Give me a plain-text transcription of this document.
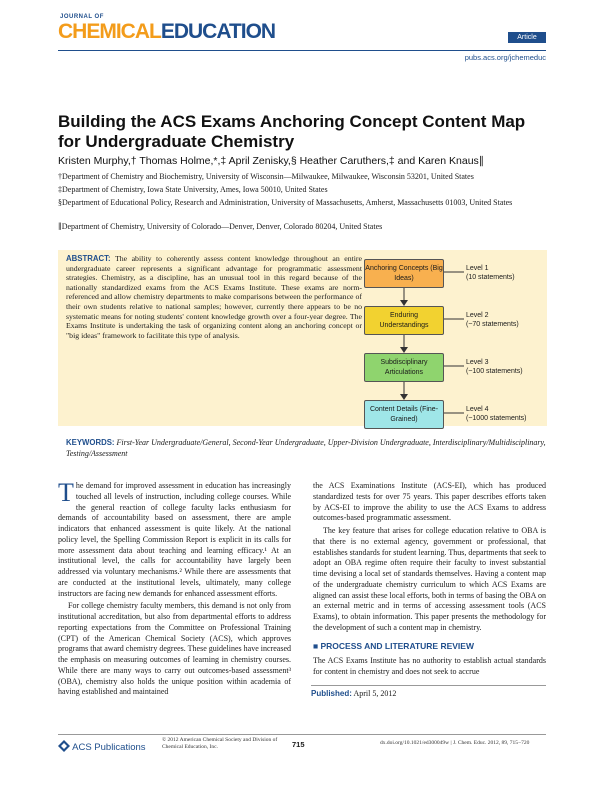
JOURNAL OF
CHEMICALEDUCATION	Article
pubs.acs.org/jchemeduc
Building the ACS Exams Anchoring Concept Content Map for Undergraduate Chemistry
Kristen Murphy,† Thomas Holme,*,‡ April Zenisky,§ Heather Caruthers,‡ and Karen Knaus∥
†Department of Chemistry and Biochemistry, University of Wisconsin—Milwaukee, Milwaukee, Wisconsin 53201, United States
‡Department of Chemistry, Iowa State University, Ames, Iowa 50010, United States
§Department of Educational Policy, Research and Administration, University of Massachusetts, Amherst, Massachusetts 01003, United States
∥Department of Chemistry, University of Colorado—Denver, Denver, Colorado 80204, United States
ABSTRACT: The ability to coherently assess content knowledge throughout an entire undergraduate career represents a significant advantage for programmatic assessment strategies. Chemistry, as a discipline, has an unusual tool in this regard because of the nationally standardized exams from the ACS Exams Institute. These exams are norm-referenced and allow chemistry departments to make comparisons between the performance of their own students relative to national samples; however, currently there appears to be no systematic means for noting students' content knowledge growth over a four-year degree. The Exams Institute is undertaking the task of organizing content along an anchoring concept or "big ideas" framework to facilitate this type of analysis.
Anchoring Concepts (Big Ideas)
Enduring Understandings
Subdisciplinary Articulations
Content Details (Fine-Grained)
Level 1
(10 statements)
Level 2
(~70 statements)
Level 3
(~100 statements)
Level 4
(~1000 statements)
KEYWORDS: First-Year Undergraduate/General, Second-Year Undergraduate, Upper-Division Undergraduate, Interdisciplinary/Multidisciplinary, Testing/Assessment

The demand for improved assessment in education has increasingly touched all levels of instruction, including college courses. While the general reaction of college faculty lacks enthusiasm for demands of accountability based on assessment, there are ample indicators that enhanced assessment is quite likely. At the national policy level, the Spelling Commission Report is explicit in its calls for more assessment data about teaching and learning efficacy.¹ At an institutional level, the calls for accountability have largely been addressed via voluntary mechanisms.² While there are assessments that are conducted at the institutional levels, ultimately, many college instructors are facing new demands for enhanced assessment efforts.

For college chemistry faculty members, this demand is not only from institutional accreditation, but also from departmental efforts to address reporting expectations from the Committee on Professional Training (CPT) of the American Chemical Society (ACS), which approves programs that award chemistry degrees. These guidelines have increased the emphasis on measuring outcomes of learning in chemistry courses. While there are many ways to carry out outcomes-based assessment³ (OBA), chemistry also holds the unique position within academia of having established and maintained

the ACS Examinations Institute (ACS-EI), which has produced standardized tests for over 75 years. This paper describes efforts taken by ACS-EI to improve the ability to use the ACS Exams to address outcomes-based programmatic assessment.

The key feature that arises for college education relative to OBA is that there is no external agency, government or professional, that establishes standards for student learning. Thus, departments that seek to adopt an OBA regime often require their faculty to invest substantial time devising a local set of standards themselves. Having a content map of the undergraduate chemistry curriculum to which ACS Exams are aligned can assist these local efforts, both in terms of basing the OBA on an external metric and in terms of accessing assessment tools (ACS Exams), to obtain information. This paper presents the methodology for the development of such a content map in chemistry.

■ PROCESS AND LITERATURE REVIEW

The ACS Exams Institute has no authority to establish actual standards for content in chemistry and does not seek to accrue

Published: April 5, 2012
ACS Publications
© 2012 American Chemical Society and Division of Chemical Education, Inc.	715	dx.doi.org/10.1021/ed300049w | J. Chem. Educ. 2012, 89, 715−720
